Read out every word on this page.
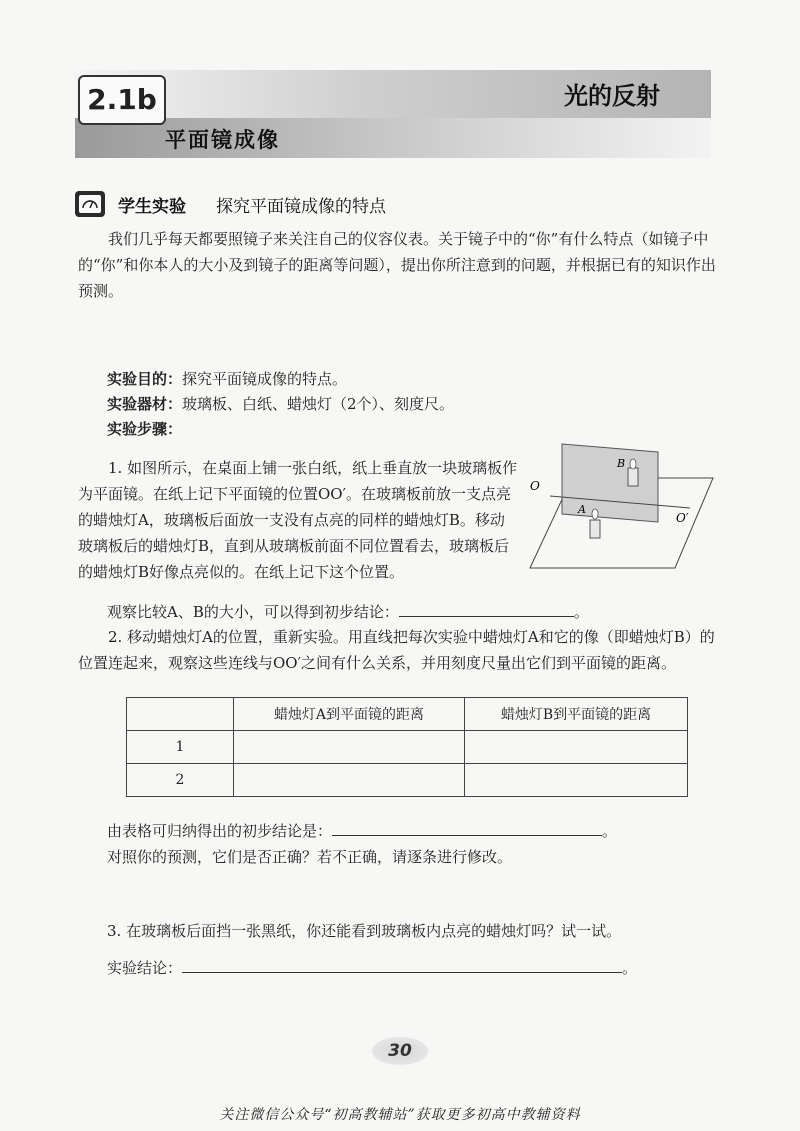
2.1b	光的反射
平面镜成像
学生实验 探究平面镜成像的特点
我们几乎每天都要照镜子来关注自己的仪容仪表。关于镜子中的“你”有什么特点（如镜子中的“你”和你本人的大小及到镜子的距离等问题），提出你所注意到的问题，并根据已有的知识作出预测。
实验目的：探究平面镜成像的特点。
实验器材：玻璃板、白纸、蜡烛灯（2个）、刻度尺。
实验步骤：
1. 如图所示，在桌面上铺一张白纸，纸上垂直放一块玻璃板作为平面镜。在纸上记下平面镜的位置OO′。在玻璃板前放一支点亮的蜡烛灯A，玻璃板后面放一支没有点亮的同样的蜡烛灯B。移动玻璃板后的蜡烛灯B，直到从玻璃板前面不同位置看去，玻璃板后的蜡烛灯B好像点亮似的。在纸上记下这个位置。
O
O′
A
B
观察比较A、B的大小，可以得到初步结论：	。
2. 移动蜡烛灯A的位置，重新实验。用直线把每次实验中蜡烛灯A和它的像（即蜡烛灯B）的位置连起来，观察这些连线与OO′之间有什么关系，并用刻度尺量出它们到平面镜的距离。
	蜡烛灯A到平面镜的距离	蜡烛灯B到平面镜的距离
1		
2		
由表格可归纳得出的初步结论是：	。
对照你的预测，它们是否正确？若不正确，请逐条进行修改。
3. 在玻璃板后面挡一张黑纸，你还能看到玻璃板内点亮的蜡烛灯吗？试一试。
实验结论：	。
30
关注微信公众号“初高教辅站”获取更多初高中教辅资料
